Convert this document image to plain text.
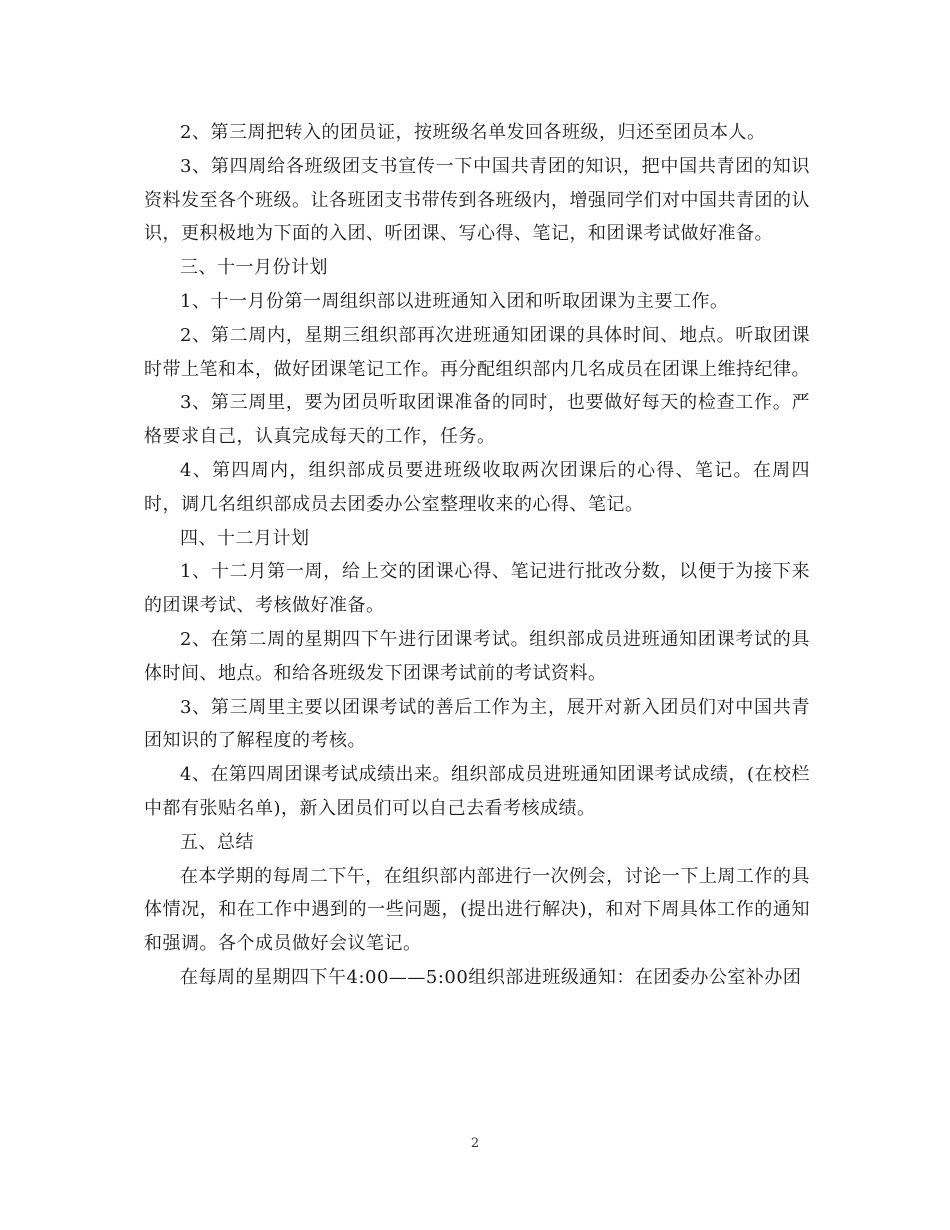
2、第三周把转入的团员证，按班级名单发回各班级，归还至团员本人。

3、第四周给各班级团支书宣传一下中国共青团的知识，把中国共青团的知识资料发至各个班级。让各班团支书带传到各班级内，增强同学们对中国共青团的认识，更积极地为下面的入团、听团课、写心得、笔记，和团课考试做好准备。

三、十一月份计划

1、十一月份第一周组织部以进班通知入团和听取团课为主要工作。

2、第二周内，星期三组织部再次进班通知团课的具体时间、地点。听取团课时带上笔和本，做好团课笔记工作。再分配组织部内几名成员在团课上维持纪律。

3、第三周里，要为团员听取团课准备的同时，也要做好每天的检查工作。严格要求自己，认真完成每天的工作，任务。

4、第四周内，组织部成员要进班级收取两次团课后的心得、笔记。在周四时，调几名组织部成员去团委办公室整理收来的心得、笔记。

四、十二月计划

1、十二月第一周，给上交的团课心得、笔记进行批改分数，以便于为接下来的团课考试、考核做好准备。

2、在第二周的星期四下午进行团课考试。组织部成员进班通知团课考试的具体时间、地点。和给各班级发下团课考试前的考试资料。

3、第三周里主要以团课考试的善后工作为主，展开对新入团员们对中国共青团知识的了解程度的考核。

4、在第四周团课考试成绩出来。组织部成员进班通知团课考试成绩，(在校栏中都有张贴名单)，新入团员们可以自己去看考核成绩。

五、总结

在本学期的每周二下午，在组织部内部进行一次例会，讨论一下上周工作的具体情况，和在工作中遇到的一些问题，(提出进行解决)，和对下周具体工作的通知和强调。各个成员做好会议笔记。

在每周的星期四下午4:00——5:00组织部进班级通知：在团委办公室补办团

2
